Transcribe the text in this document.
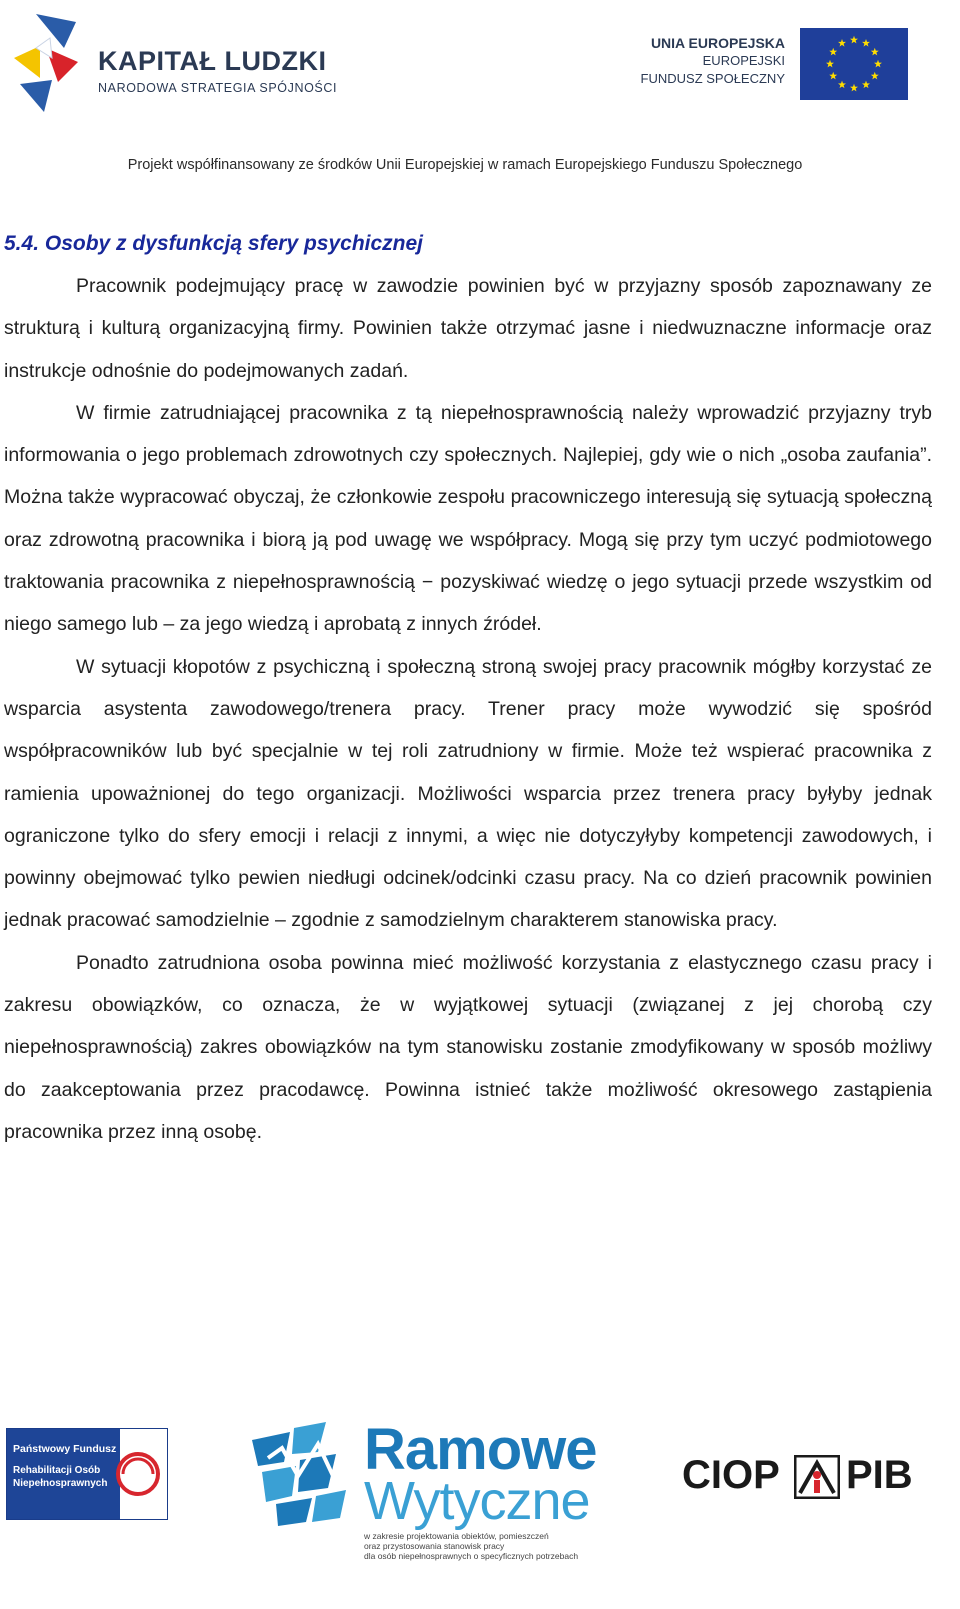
KAPITAŁ LUDZKI
NARODOWA STRATEGIA SPÓJNOŚCI
UNIA EUROPEJSKA
EUROPEJSKI
FUNDUSZ SPOŁECZNY
Projekt współfinansowany ze środków Unii Europejskiej w ramach Europejskiego Funduszu Społecznego
5.4. Osoby z dysfunkcją sfery psychicznej

Pracownik podejmujący pracę w zawodzie powinien być w przyjazny sposób zapoznawany ze strukturą i kulturą organizacyjną firmy. Powinien także otrzymać jasne i niedwuznaczne informacje oraz instrukcje odnośnie do podejmowanych zadań.

W firmie zatrudniającej pracownika z tą niepełnosprawnością należy wprowadzić przyjazny tryb informowania o jego problemach zdrowotnych czy społecznych. Najlepiej, gdy wie o nich „osoba zaufania”. Można także wypracować obyczaj, że członkowie zespołu pracowniczego interesują się sytuacją społeczną oraz zdrowotną pracownika i biorą ją pod uwagę we współpracy. Mogą się przy tym uczyć podmiotowego traktowania pracownika z niepełnosprawnością − pozyskiwać wiedzę o jego sytuacji przede wszystkim od niego samego lub – za jego wiedzą i aprobatą z innych źródeł.

W sytuacji kłopotów z psychiczną i społeczną stroną swojej pracy pracownik mógłby korzystać ze wsparcia asystenta zawodowego/trenera pracy. Trener pracy może wywodzić się spośród współpracowników lub być specjalnie w tej roli zatrudniony w firmie. Może też wspierać pracownika z ramienia upoważnionej do tego organizacji. Możliwości wsparcia przez trenera pracy byłyby jednak ograniczone tylko do sfery emocji i relacji z innymi, a więc nie dotyczyłyby kompetencji zawodowych, i powinny obejmować tylko pewien niedługi odcinek/odcinki czasu pracy. Na co dzień pracownik powinien jednak pracować samodzielnie – zgodnie z samodzielnym charakterem stanowiska pracy.

Ponadto zatrudniona osoba powinna mieć możliwość korzystania z elastycznego czasu pracy i zakresu obowiązków, co oznacza, że w wyjątkowej sytuacji (związanej z jej chorobą czy niepełnosprawnością) zakres obowiązków na tym stanowisku zostanie zmodyfikowany w sposób możliwy do zaakceptowania przez pracodawcę. Powinna istnieć także możliwość okresowego zastąpienia pracownika przez inną osobę.

Państwowy Fundusz
Rehabilitacji Osób
Niepełnosprawnych
Ramowe
Wytyczne
w zakresie projektowania obiektów, pomieszczeń
oraz przystosowania stanowisk pracy
dla osób niepełnosprawnych o specyficznych potrzebach
CIOP PIB
